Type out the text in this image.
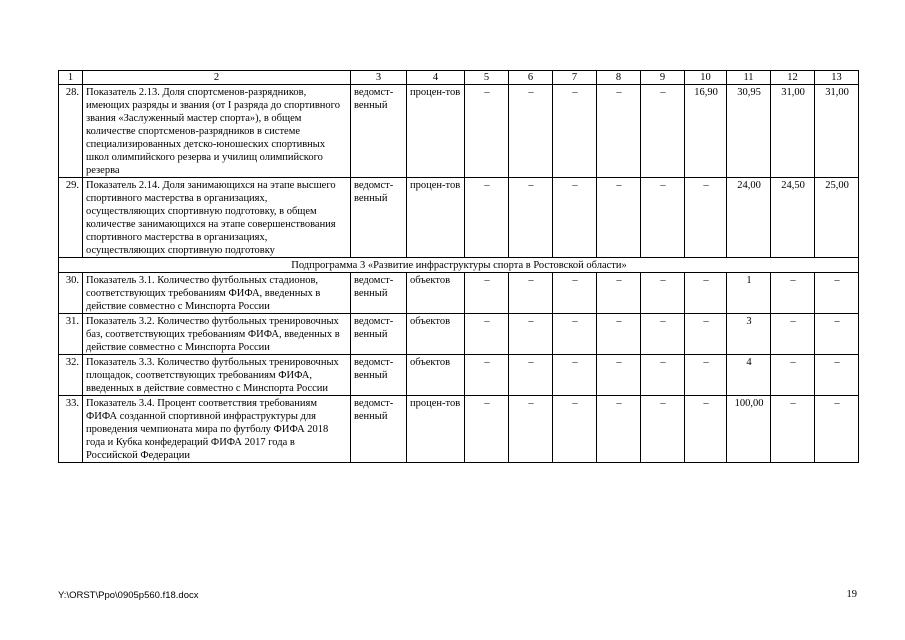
1	2	3	4	5	6	7	8	9	10	11	12	13
28.	Показатель 2.13. Доля спортсменов-разрядников, имеющих разряды и звания (от I разряда до спортивного звания «Заслуженный мастер спорта»), в общем количестве спортсменов-разрядников в системе специализированных детско-юношеских спортивных школ олимпийского резерва и училищ олимпийского резерва	ведомст-венный	процен-тов	–	–	–	–	–	16,90	30,95	31,00	31,00
29.	Показатель 2.14. Доля занимающихся на этапе высшего спортивного мастерства в организациях, осуществляющих спортивную подготовку, в общем количестве занимающихся на этапе совершенствования спортивного мастерства в организациях, осуществляющих спортивную подготовку	ведомст-венный	процен-тов	–	–	–	–	–	–	24,00	24,50	25,00
Подпрограмма 3 «Развитие инфраструктуры спорта в Ростовской области»												
30.	Показатель 3.1. Количество футбольных стадионов, соответствующих требованиям ФИФА, введенных в действие совместно с Минспорта России	ведомст-венный	объектов	–	–	–	–	–	–	1	–	–
31.	Показатель 3.2. Количество футбольных тренировочных баз, соответствующих требованиям ФИФА, введенных в действие совместно с Минспорта России	ведомст-венный	объектов	–	–	–	–	–	–	3	–	–
32.	Показатель 3.3. Количество футбольных тренировочных площадок, соответствующих требованиям ФИФА, введенных в действие совместно с Минспорта России	ведомст-венный	объектов	–	–	–	–	–	–	4	–	–
33.	Показатель 3.4. Процент соответствия требованиям ФИФА созданной спортивной инфраструктуры для проведения чемпионата мира по футболу ФИФА 2018 года и Кубка конфедераций ФИФА 2017 года в Российской Федерации	ведомст-венный	процен-тов	–	–	–	–	–	–	100,00	–	–
Y:\ORST\Ppo\0905p560.f18.docx	19
